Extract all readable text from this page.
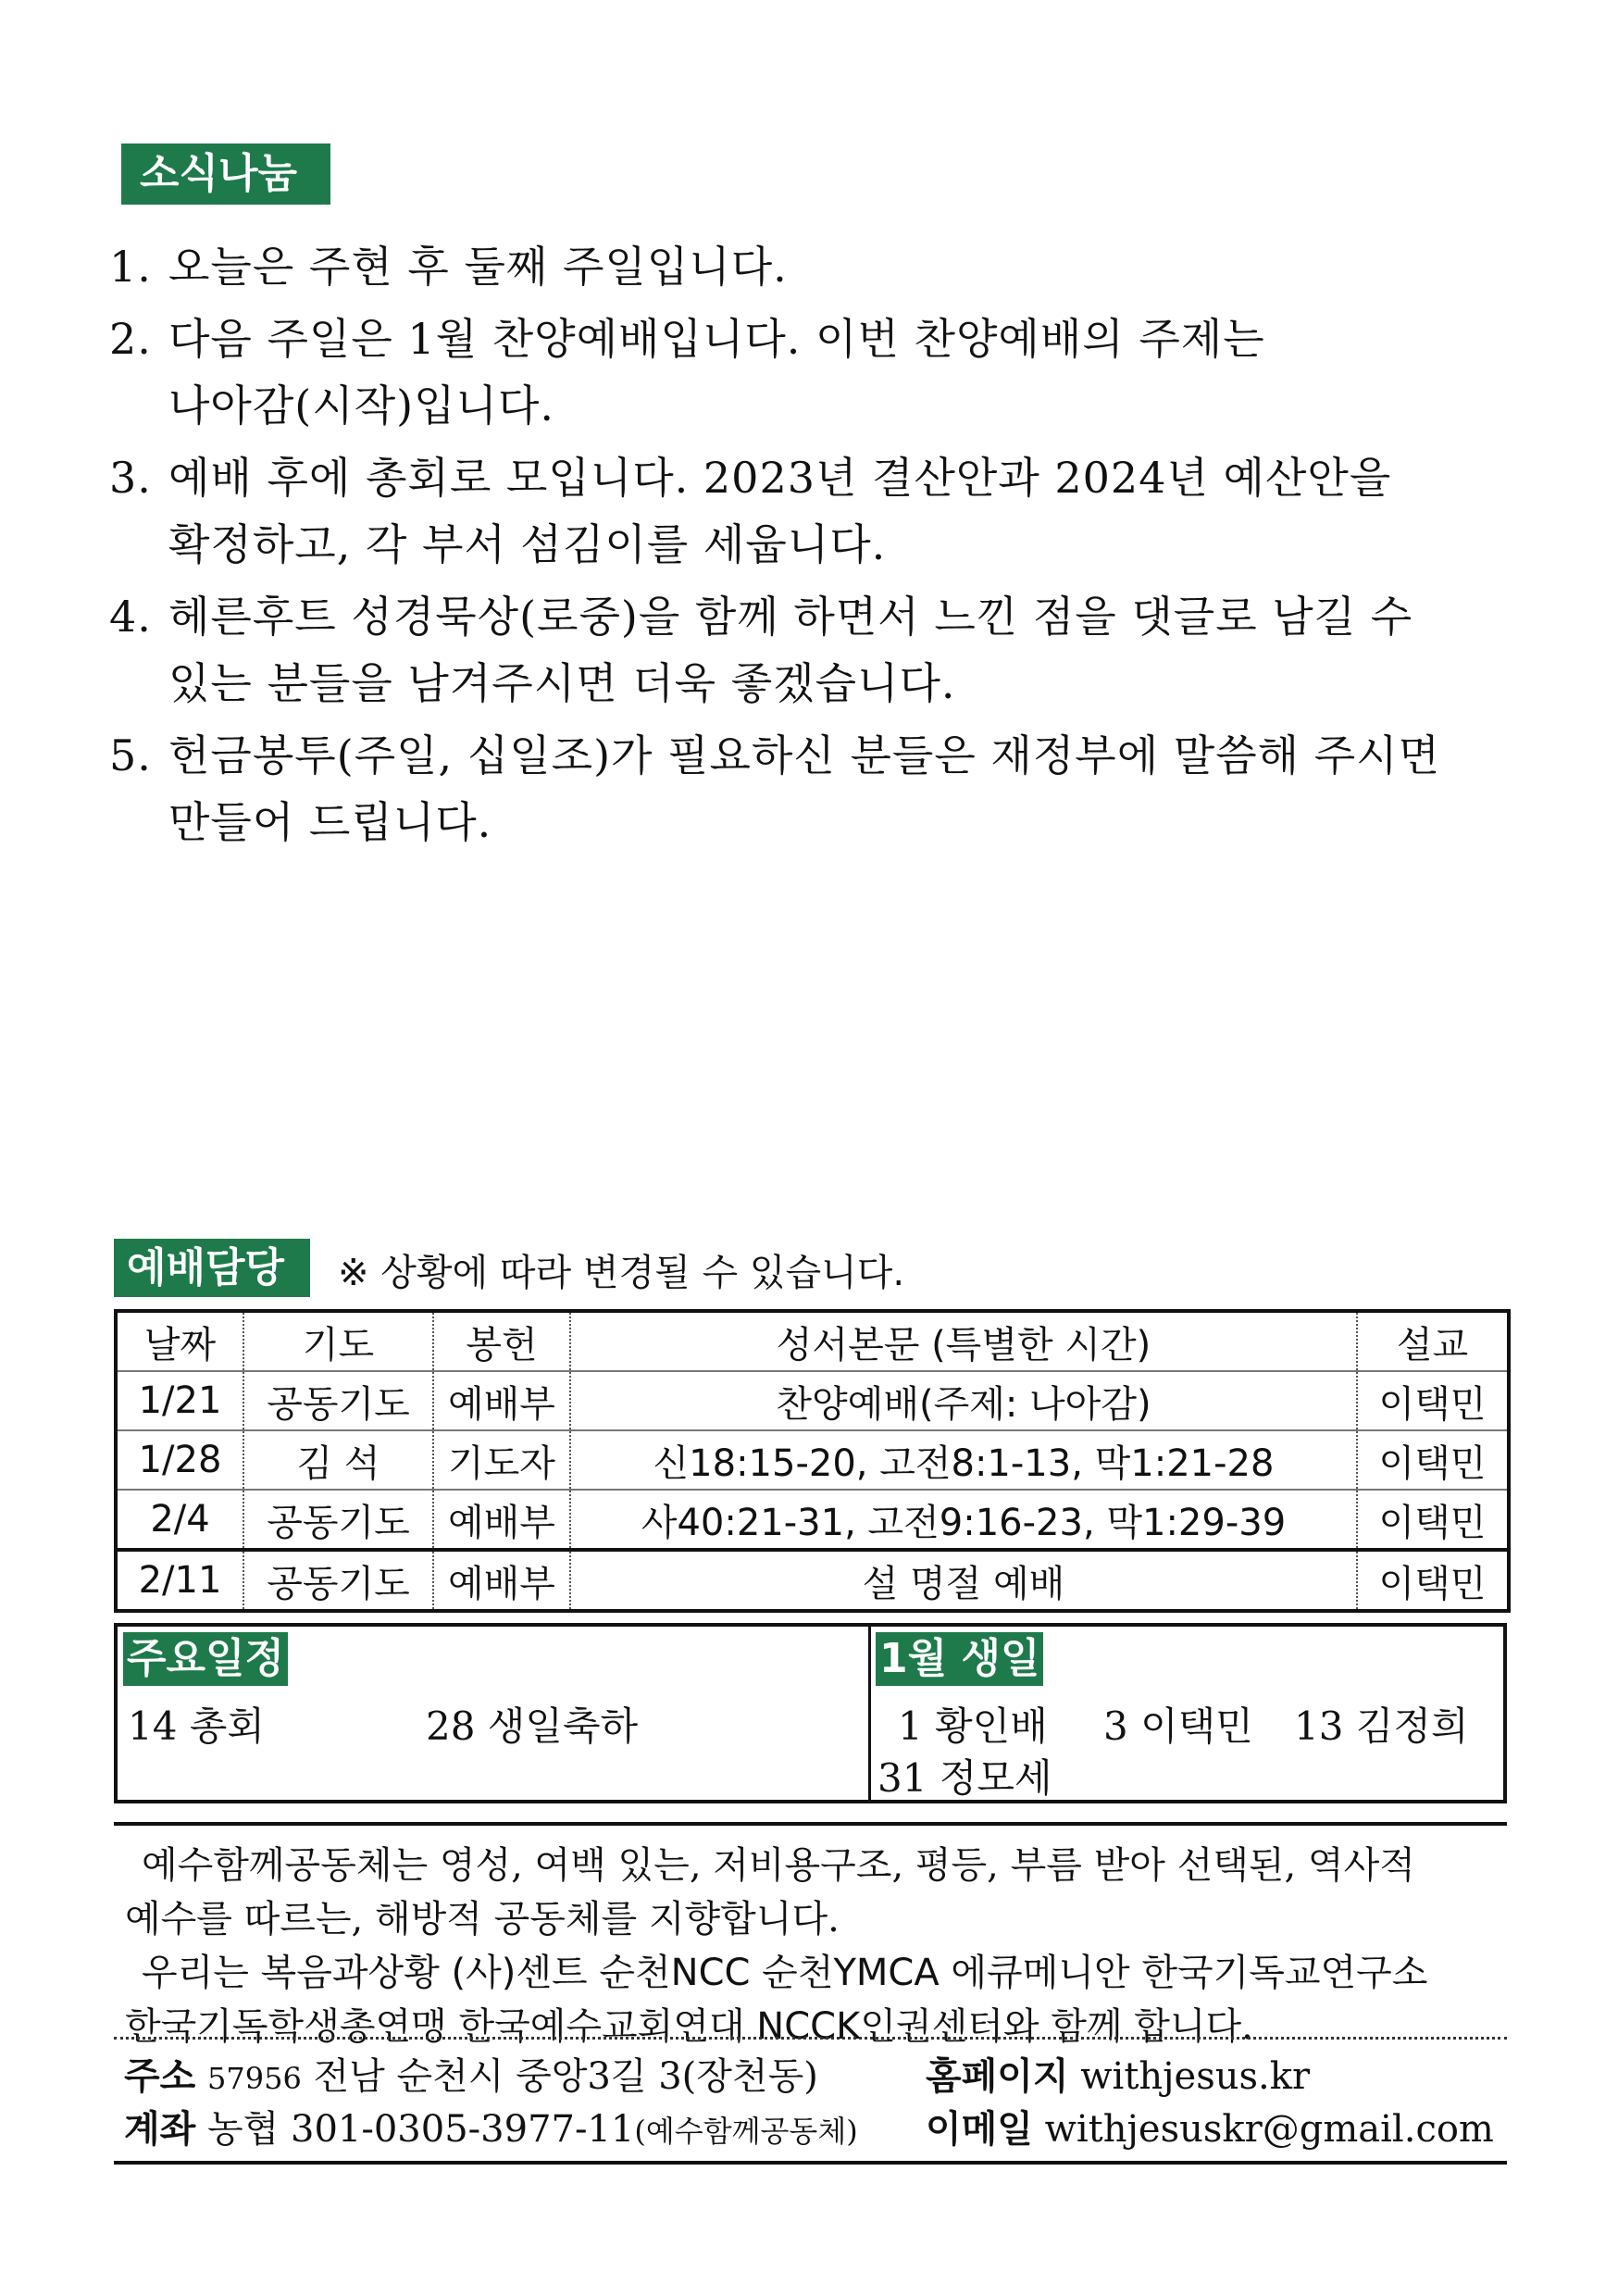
소식나눔
1. 오늘은 주현 후 둘째 주일입니다.
2. 다음 주일은 1월 찬양예배입니다. 이번 찬양예배의 주제는
나아감(시작)입니다.
3. 예배 후에 총회로 모입니다. 2023년 결산안과 2024년 예산안을
확정하고, 각 부서 섬김이를 세웁니다.
4. 헤른후트 성경묵상(로중)을 함께 하면서 느낀 점을 댓글로 남길 수
있는 분들을 남겨주시면 더욱 좋겠습니다.
5. 헌금봉투(주일, 십일조)가 필요하신 분들은 재정부에 말씀해 주시면
만들어 드립니다.
예배담당	※ 상황에 따라 변경될 수 있습니다.
날짜	기도	봉헌	성서본문 (특별한 시간)	설교
1/21	공동기도	예배부	찬양예배(주제: 나아감)	이택민
1/28	김 석	기도자	신18:15-20, 고전8:1-13, 막1:21-28	이택민
2/4	공동기도	예배부	사40:21-31, 고전9:16-23, 막1:29-39	이택민
2/11	공동기도	예배부	설 명절 예배	이택민
주요일정	1월 생일
14 총회	28 생일축하	1 황인배 3 이택민 13 김정희
31 정모세

예수함께공동체는 영성, 여백 있는, 저비용구조, 평등, 부름 받아 선택된, 역사적

예수를 따르는, 해방적 공동체를 지향합니다.

우리는 복음과상황 (사)센트 순천NCC 순천YMCA 에큐메니안 한국기독교연구소

한국기독학생총연맹 한국예수교회연대 NCCK인권센터와 함께 합니다.

주소 57956 전남 순천시 중앙3길 3(장천동)	홈페이지 withjesus.kr
계좌 농협 301-0305-3977-11(예수함께공동체) 이메일 withjesuskr@gmail.com
